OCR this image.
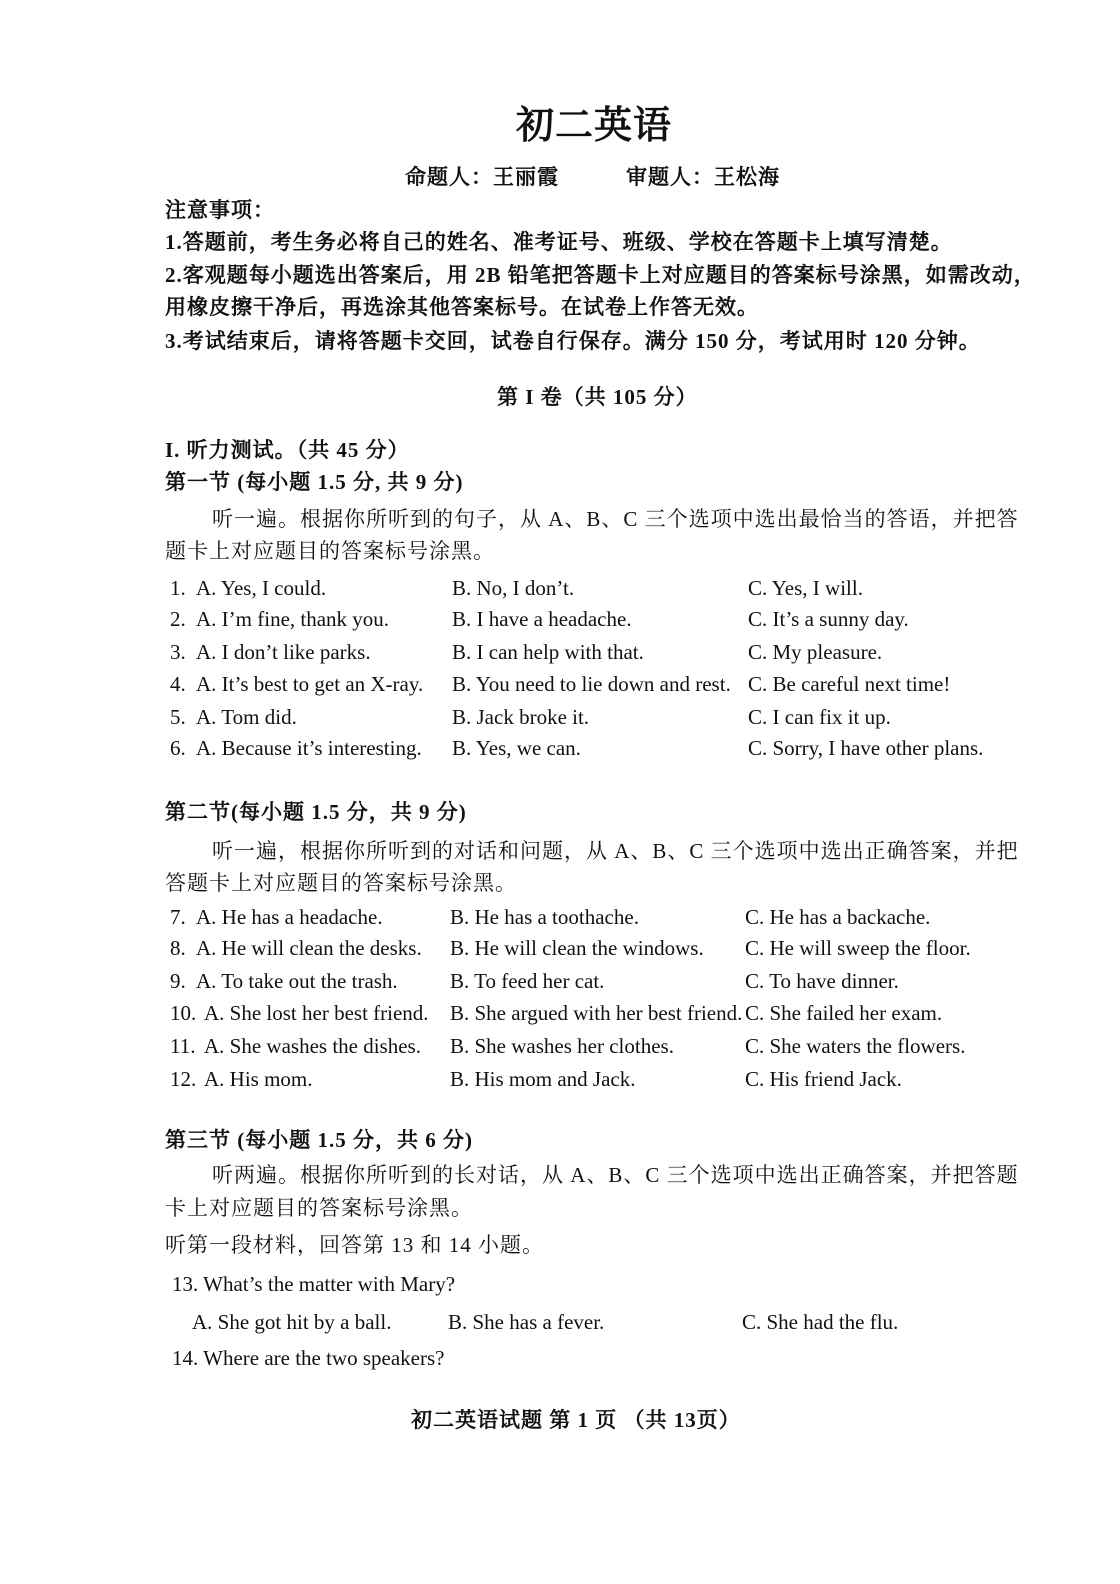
初二英语
命题人：王丽霞	审题人：王松海
注意事项：
1.答题前，考生务必将自己的姓名、准考证号、班级、学校在答题卡上填写清楚。
2.客观题每小题选出答案后，用 2B 铅笔把答题卡上对应题目的答案标号涂黑，如需改动，
用橡皮擦干净后，再选涂其他答案标号。在试卷上作答无效。
3.考试结束后，请将答题卡交回，试卷自行保存。满分 150 分，考试用时 120 分钟。
第 I 卷（共 105 分）
I. 听力测试。（共 45 分）
第一节 (每小题 1.5 分, 共 9 分)
听一遍。根据你所听到的句子，从 A、B、C 三个选项中选出最恰当的答语，并把答
题卡上对应题目的答案标号涂黑。
1. A. Yes, I could.	B. No, I don’t.	C. Yes, I will.
2. A. I’m fine, thank you.	B. I have a headache.	C. It’s a sunny day.
3. A. I don’t like parks.	B. I can help with that.	C. My pleasure.
4. A. It’s best to get an X-ray. B. You need to lie down and rest. C. Be careful next time!
5. A. Tom did.	B. Jack broke it.	C. I can fix it up.
6. A. Because it’s interesting. B. Yes, we can.	C. Sorry, I have other plans.
第二节(每小题 1.5 分，共 9 分)
听一遍，根据你所听到的对话和问题，从 A、B、C 三个选项中选出正确答案，并把
答题卡上对应题目的答案标号涂黑。
7. A. He has a headache.	B. He has a toothache.	C. He has a backache.
8. A. He will clean the desks. B. He will clean the windows. C. He will sweep the floor.
9. A. To take out the trash. B. To feed her cat.	C. To have dinner.
10. A. She lost her best friend. B. She argued with her best friend. C. She failed her exam.
11. A. She washes the dishes. B. She washes her clothes.	C. She waters the flowers.
12. A. His mom.	B. His mom and Jack.	C. His friend Jack.
第三节 (每小题 1.5 分，共 6 分)
听两遍。根据你所听到的长对话，从 A、B、C 三个选项中选出正确答案，并把答题
卡上对应题目的答案标号涂黑。
听第一段材料，回答第 13 和 14 小题。
13. What’s the matter with Mary?
A. She got hit by a ball.	B. She has a fever.	C. She had the flu.
14. Where are the two speakers?
初二英语试题 第 1 页 （共 13页）
